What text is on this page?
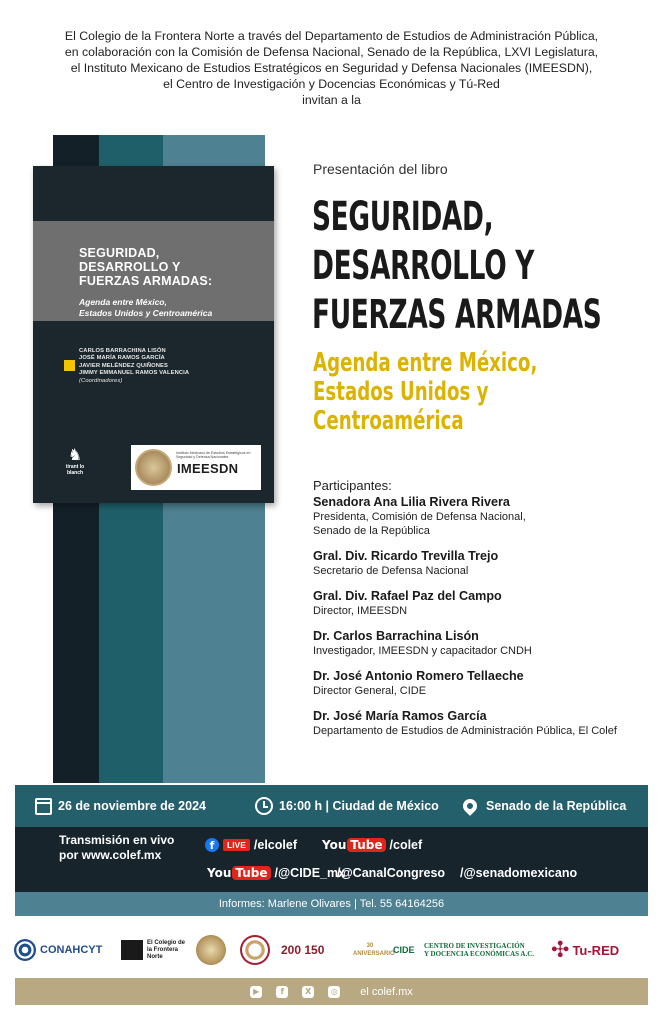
El Colegio de la Frontera Norte a través del Departamento de Estudios de Administración Pública,
en colaboración con la Comisión de Defensa Nacional, Senado de la República, LXVI Legislatura,
el Instituto Mexicano de Estudios Estratégicos en Seguridad y Defensa Nacionales (IMEESDN),
el Centro de Investigación y Docencias Económicas y Tú-Red
invitan a la
SEGURIDAD,
DESARROLLO Y
FUERZAS ARMADAS:
Agenda entre México,
Estados Unidos y Centroamérica
CARLOS BARRACHINA LISÓN
JOSÉ MARÍA RAMOS GARCÍA
JAVIER MELÉNDEZ QUIÑONES
JIMMY EMMANUEL RAMOS VALENCIA
(Coordinadores)
♞
tirant lo blanch
Instituto Mexicano de Estudios Estratégicos en Seguridad y Defensa Nacionales
IMEESDN
Presentación del libro
SEGURIDAD,
DESARROLLO Y
FUERZAS ARMADAS
Agenda entre México,
Estados Unidos y
Centroamérica
Participantes:
Senadora Ana Lilia Rivera Rivera
Presidenta, Comisión de Defensa Nacional,
Senado de la República
Gral. Div. Ricardo Trevilla Trejo
Secretario de Defensa Nacional
Gral. Div. Rafael Paz del Campo
Director, IMEESDN
Dr. Carlos Barrachina Lisón
Investigador, IMEESDN y capacitador CNDH
Dr. José Antonio Romero Tellaeche
Director General, CIDE
Dr. José María Ramos García
Departamento de Estudios de Administración Pública, El Colef
26 de noviembre de 2024	16:00 h | Ciudad de México	Senado de la República
Transmisión en vivo
por www.colef.mx
f	LIVE /elcolef You Tube /colef
You Tube /@CIDE_mx
/@CanalCongreso /@senadomexicano
Informes: Marlene Olivares | Tel. 55 64164256
CONAHCYT
El Colegio de la Frontera Norte	200 150	30 ANIVERSARIO
CIDE CENTRO DE INVESTIGACIÓN
Y DOCENCIA ECONÓMICAS A.C. ✣ Tu-RED
▶	f	X	◎ el colef.mx
